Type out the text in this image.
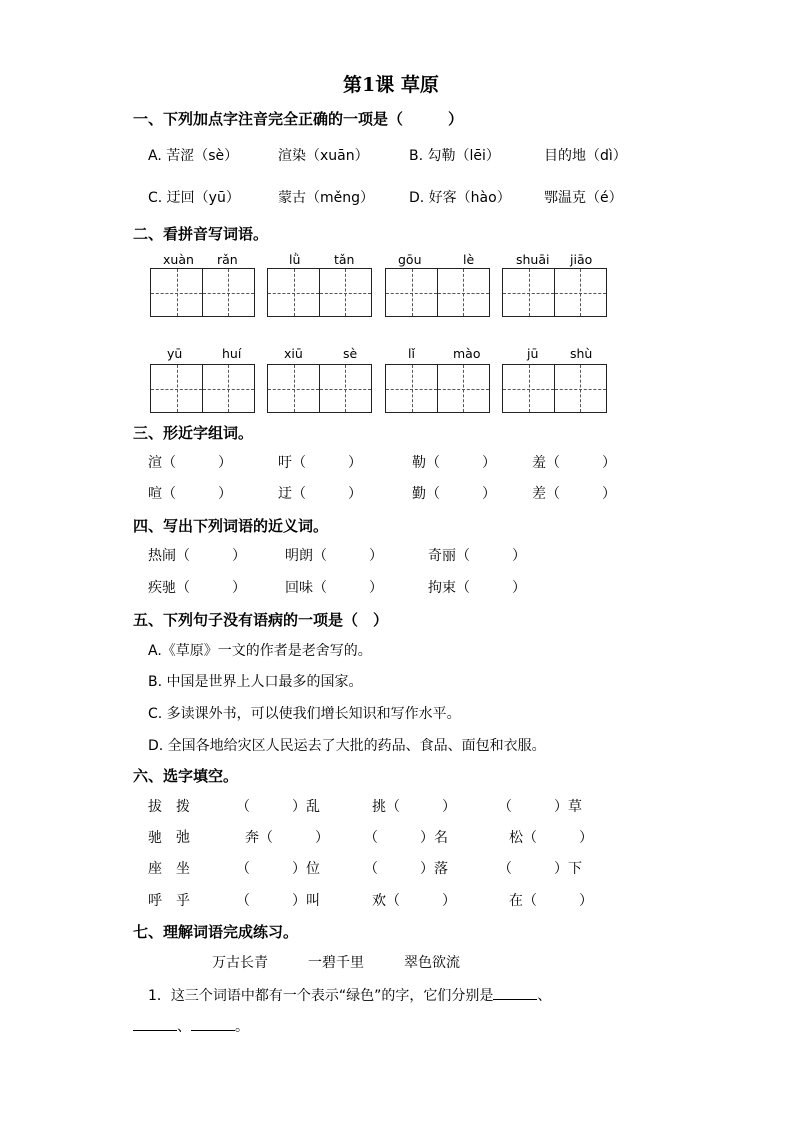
第1课 草原
一、下列加点字注音完全正确的一项是（　　　）
A. 苦涩（sè）	渲染（xuān）	B. 勾勒（lēi）	目的地（dì）
C. 迂回（yū）	蒙古（měng） D. 好客（hào） 鄂温克（é）
二、看拼音写词语。
xuàn rǎn	lǜ	tǎn	gōu	lè	shuāi jiāo
yū	huí	xiū	sè	lǐ	mào	jū	shù
三、形近字组词。
渲（　　　）	吁（　　　）	勒（　　　）	羞（　　　）
喧（　　　）	迂（　　　）	勤（　　　）	差（　　　）
四、写出下列词语的近义词。
热闹（　　　）	明朗（　　　）	奇丽（　　　）
疾驰（　　　）	回味（　　　）	拘束（　　　）
五、下列句子没有语病的一项是（　）
A.《草原》一文的作者是老舍写的。
B. 中国是世界上人口最多的国家。
C. 多读课外书，可以使我们增长知识和写作水平。
D. 全国各地给灾区人民运去了大批的药品、食品、面包和衣服。
六、选字填空。
拔　拨	（　　　）乱	挑（　　　）	（　　　）草
驰　弛	奔（　　　）	（　　　）名	松（　　　）
座　坐	（　　　）位	（　　　）落	（　　　）下
呼　乎	（　　　）叫	欢（　　　）	在（　　　）
七、理解词语完成练习。
万古长青	一碧千里	翠色欲流
1．这三个词语中都有一个表示“绿色”的字，它们分别是	、
、	。
